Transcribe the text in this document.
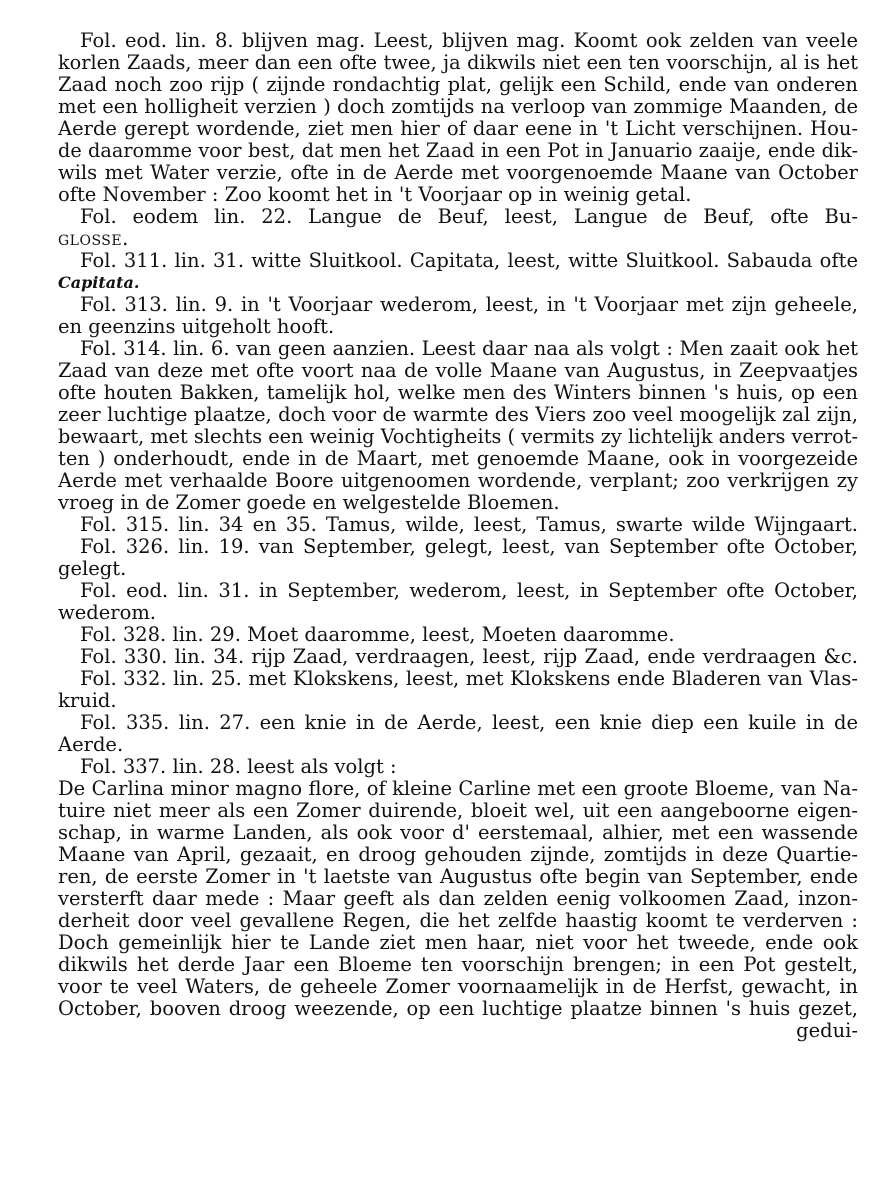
Fol. eod. lin. 8. blijven mag. Leest, blijven mag. Koomt ook zelden van veele
korlen Zaads, meer dan een ofte twee, ja dikwils niet een ten voorschijn, al is het
Zaad noch zoo rijp ( zijnde rondachtig plat, gelijk een Schild, ende van onderen
met een holligheit verzien ) doch zomtijds na verloop van zommige Maanden, de
Aerde gerept wordende, ziet men hier of daar eene in 't Licht verschijnen. Hou-
de daaromme voor best, dat men het Zaad in een Pot in Januario zaaije, ende dik-
wils met Water verzie, ofte in de Aerde met voorgenoemde Maane van October
ofte November : Zoo koomt het in 't Voorjaar op in weinig getal.
Fol. eodem lin. 22. Langue de Beuf, leest, Langue de Beuf, ofte Bu-
glosse.
Fol. 311. lin. 31. witte Sluitkool. Capitata, leest, witte Sluitkool. Sabauda ofte
Capitata.
Fol. 313. lin. 9. in 't Voorjaar wederom, leest, in 't Voorjaar met zijn geheele,
en geenzins uitgeholt hooft.
Fol. 314. lin. 6. van geen aanzien. Leest daar naa als volgt : Men zaait ook het
Zaad van deze met ofte voort naa de volle Maane van Augustus, in Zeepvaatjes
ofte houten Bakken, tamelijk hol, welke men des Winters binnen 's huis, op een
zeer luchtige plaatze, doch voor de warmte des Viers zoo veel moogelijk zal zijn,
bewaart, met slechts een weinig Vochtigheits ( vermits zy lichtelijk anders verrot-
ten ) onderhoudt, ende in de Maart, met genoemde Maane, ook in voorgezeide
Aerde met verhaalde Boore uitgenoomen wordende, verplant; zoo verkrijgen zy
vroeg in de Zomer goede en welgestelde Bloemen.
Fol. 315. lin. 34 en 35. Tamus, wilde, leest, Tamus, swarte wilde Wijngaart.
Fol. 326. lin. 19. van September, gelegt, leest, van September ofte October,
gelegt.
Fol. eod. lin. 31. in September, wederom, leest, in September ofte October,
wederom.
Fol. 328. lin. 29. Moet daaromme, leest, Moeten daaromme.
Fol. 330. lin. 34. rijp Zaad, verdraagen, leest, rijp Zaad, ende verdraagen &c.
Fol. 332. lin. 25. met Klokskens, leest, met Klokskens ende Bladeren van Vlas-
kruid.
Fol. 335. lin. 27. een knie in de Aerde, leest, een knie diep een kuile in de
Aerde.
Fol. 337. lin. 28. leest als volgt :
De Carlina minor magno flore, of kleine Carline met een groote Bloeme, van Na-
tuire niet meer als een Zomer duirende, bloeit wel, uit een aangeboorne eigen-
schap, in warme Landen, als ook voor d' eerstemaal, alhier, met een wassende
Maane van April, gezaait, en droog gehouden zijnde, zomtijds in deze Quartie-
ren, de eerste Zomer in 't laetste van Augustus ofte begin van September, ende
versterft daar mede : Maar geeft als dan zelden eenig volkoomen Zaad, inzon-
derheit door veel gevallene Regen, die het zelfde haastig koomt te verderven :
Doch gemeinlijk hier te Lande ziet men haar, niet voor het tweede, ende ook
dikwils het derde Jaar een Bloeme ten voorschijn brengen; in een Pot gestelt,
voor te veel Waters, de geheele Zomer voornaamelijk in de Herfst, gewacht, in
October, booven droog weezende, op een luchtige plaatze binnen 's huis gezet,
gedui-
